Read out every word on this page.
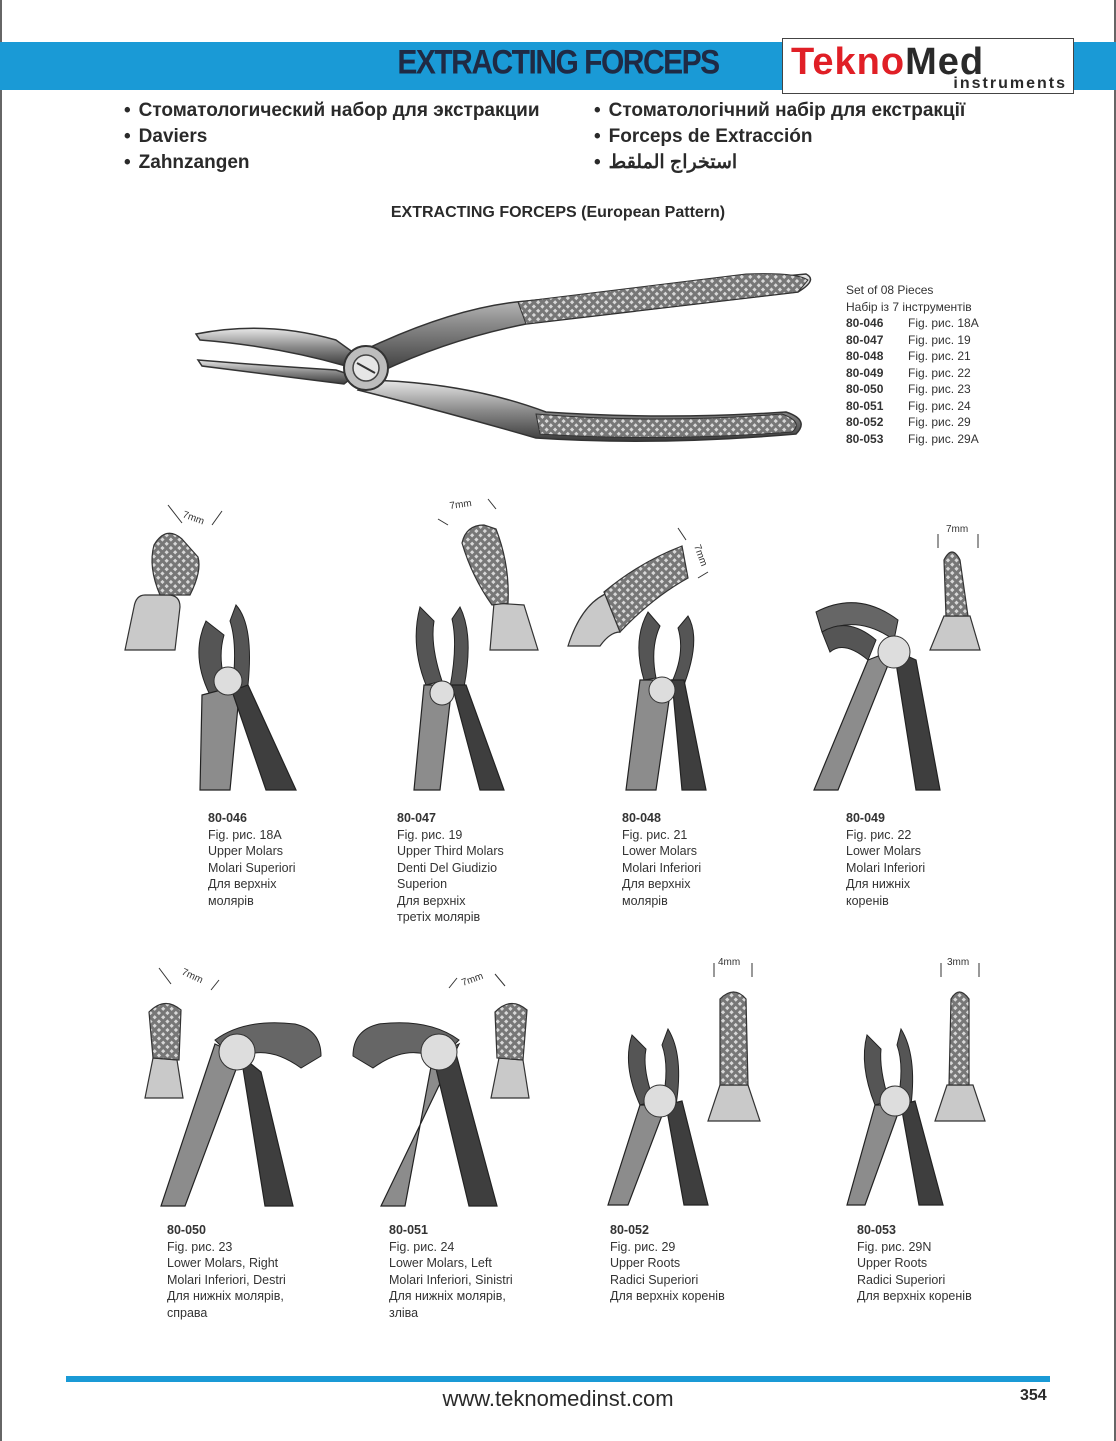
EXTRACTING FORCEPS	TeknoMed
instruments
• Стоматологический набор для экстракции
• Daviers
• Zahnzangen
• Стоматологічний набір для екстракції
• Forceps de Extracción
• استخراج الملقط
EXTRACTING FORCEPS (European Pattern)
Set of 08 Pieces
Набір із 7 інструментів
80-046	Fig. рис. 18A
80-047	Fig. рис. 19
80-048	Fig. рис. 21
80-049	Fig. рис. 22
80-050	Fig. рис. 23
80-051	Fig. рис. 24
80-052	Fig. рис. 29
80-053	Fig. рис. 29A
7mm
7mm
7mm
7mm
80-046
Fig. рис. 18A
Upper Molars
Molari Superiori
Для верхніх
молярів
80-047
Fig. рис. 19
Upper Third Molars
Denti Del Giudizio
Superion
Для верхніх
третіх молярів
80-048
Fig. рис. 21
Lower Molars
Molari Inferiori
Для верхніх
молярів
80-049
Fig. рис. 22
Lower Molars
Molari Inferiori
Для нижніх
коренів
7mm	7mm
4mm	3mm
80-050
Fig. рис. 23
Lower Molars, Right
Molari Inferiori, Destri
Для нижніх молярів,
справа
80-051
Fig. рис. 24
Lower Molars, Left
Molari Inferiori, Sinistri
Для нижніх молярів,
зліва
80-052
Fig. рис. 29
Upper Roots
Radici Superiori
Для верхніх коренів
80-053
Fig. рис. 29N
Upper Roots
Radici Superiori
Для верхніх коренів
www.teknomedinst.com	354
